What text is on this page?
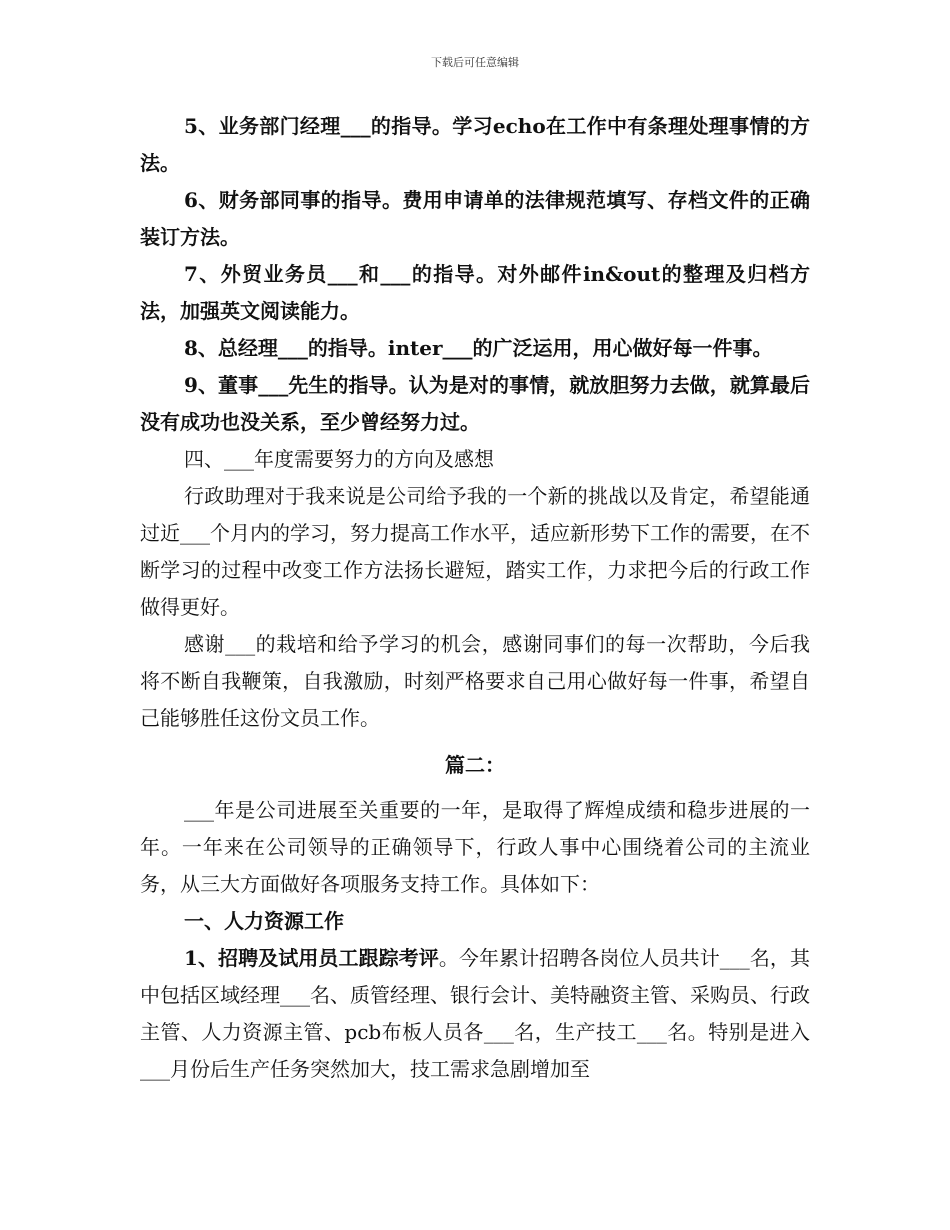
下载后可任意编辑

5、业务部门经理___的指导。学习echo在工作中有条理处理事情的方法。

6、财务部同事的指导。费用申请单的法律规范填写、存档文件的正确装订方法。

7、外贸业务员___和___的指导。对外邮件in&out的整理及归档方法，加强英文阅读能力。

8、总经理___的指导。inter___的广泛运用，用心做好每一件事。

9、董事___先生的指导。认为是对的事情，就放胆努力去做，就算最后没有成功也没关系，至少曾经努力过。

四、___年度需要努力的方向及感想

行政助理对于我来说是公司给予我的一个新的挑战以及肯定，希望能通过近___个月内的学习，努力提高工作水平，适应新形势下工作的需要，在不断学习的过程中改变工作方法扬长避短，踏实工作，力求把今后的行政工作做得更好。

感谢___的栽培和给予学习的机会，感谢同事们的每一次帮助，今后我将不断自我鞭策，自我激励，时刻严格要求自己用心做好每一件事，希望自己能够胜任这份文员工作。

篇二：

___年是公司进展至关重要的一年，是取得了辉煌成绩和稳步进展的一年。一年来在公司领导的正确领导下，行政人事中心围绕着公司的主流业务，从三大方面做好各项服务支持工作。具体如下：

一、人力资源工作

1、招聘及试用员工跟踪考评。今年累计招聘各岗位人员共计___名，其中包括区域经理___名、质管经理、银行会计、美特融资主管、采购员、行政主管、人力资源主管、pcb布板人员各___名，生产技工___名。特别是进入___月份后生产任务突然加大，技工需求急剧增加至
